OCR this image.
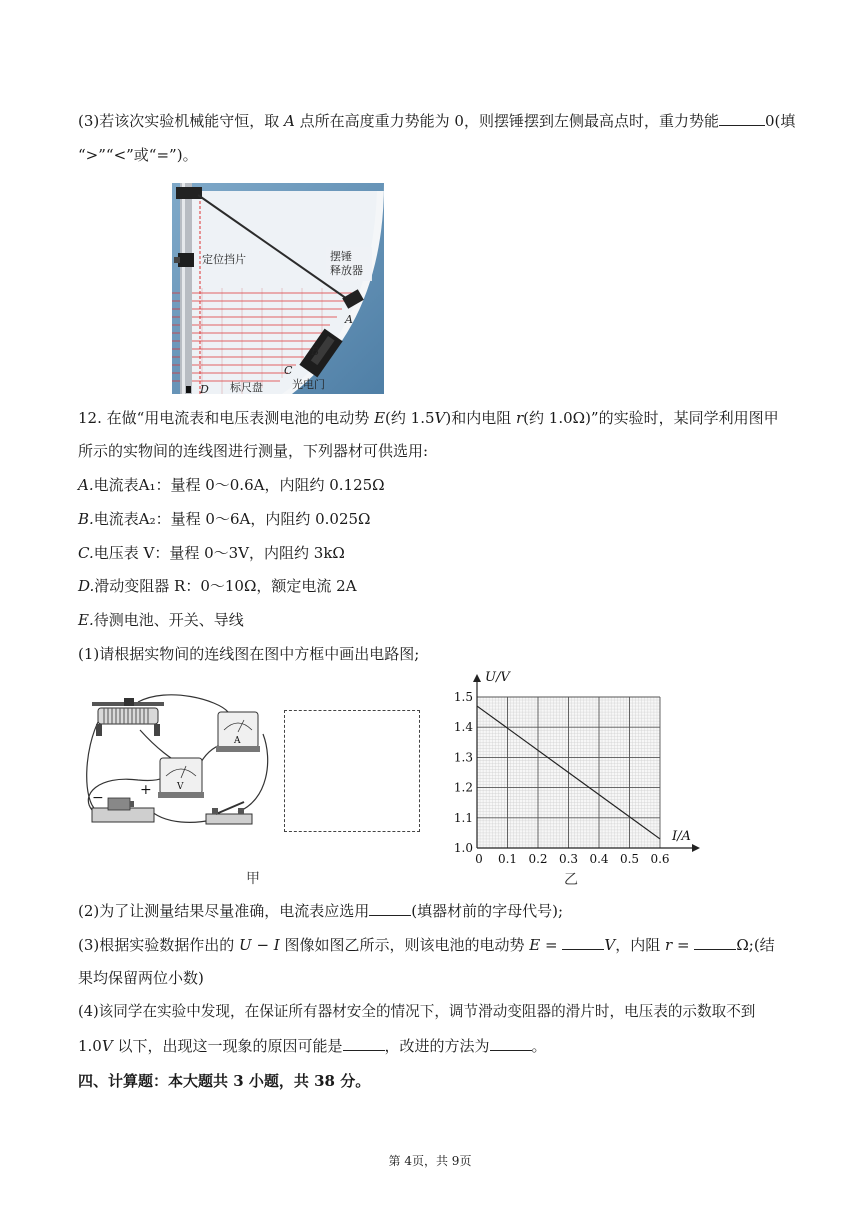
(3)若该次实验机械能守恒，取 A 点所在高度重力势能为 0，则摆锤摆到左侧最高点时，重力势能	0(填
“>”“<”或“=”)。
定位挡片	摆锤
释放器
A
B
C
D 标尺盘	光电门
12. 在做“用电流表和电压表测电池的电动势 E(约 1.5V)和内电阻 r(约 1.0Ω)”的实验时，某同学利用图甲
所示的实物间的连线图进行测量，下列器材可供选用:
A.电流表A₁：量程 0～0.6A，内阻约 0.125Ω
B.电流表A₂：量程 0～6A，内阻约 0.025Ω
C.电压表 V：量程 0～3V，内阻约 3kΩ
D.滑动变阻器 R：0～10Ω，额定电流 2A
E.待测电池、开关、导线
(1)请根据实物间的连线图在图中方框中画出电路图;
A
V
−	+
甲
0 0.1 0.2 0.3 0.4 0.5 0.6
1.0
1.1
1.2
1.3
1.4
1.5
U/V
I/A
乙
(2)为了让测量结果尽量准确，电流表应选用	(填器材前的字母代号);
(3)根据实验数据作出的 U − I 图像如图乙所示，则该电池的电动势 E =	V，内阻 r =	Ω;(结
果均保留两位小数)
(4)该同学在实验中发现，在保证所有器材安全的情况下，调节滑动变阻器的滑片时，电压表的示数取不到
1.0V 以下，出现这一现象的原因可能是	，改进的方法为	。
四、计算题：本大题共 3 小题，共 38 分。
第 4页，共 9页
